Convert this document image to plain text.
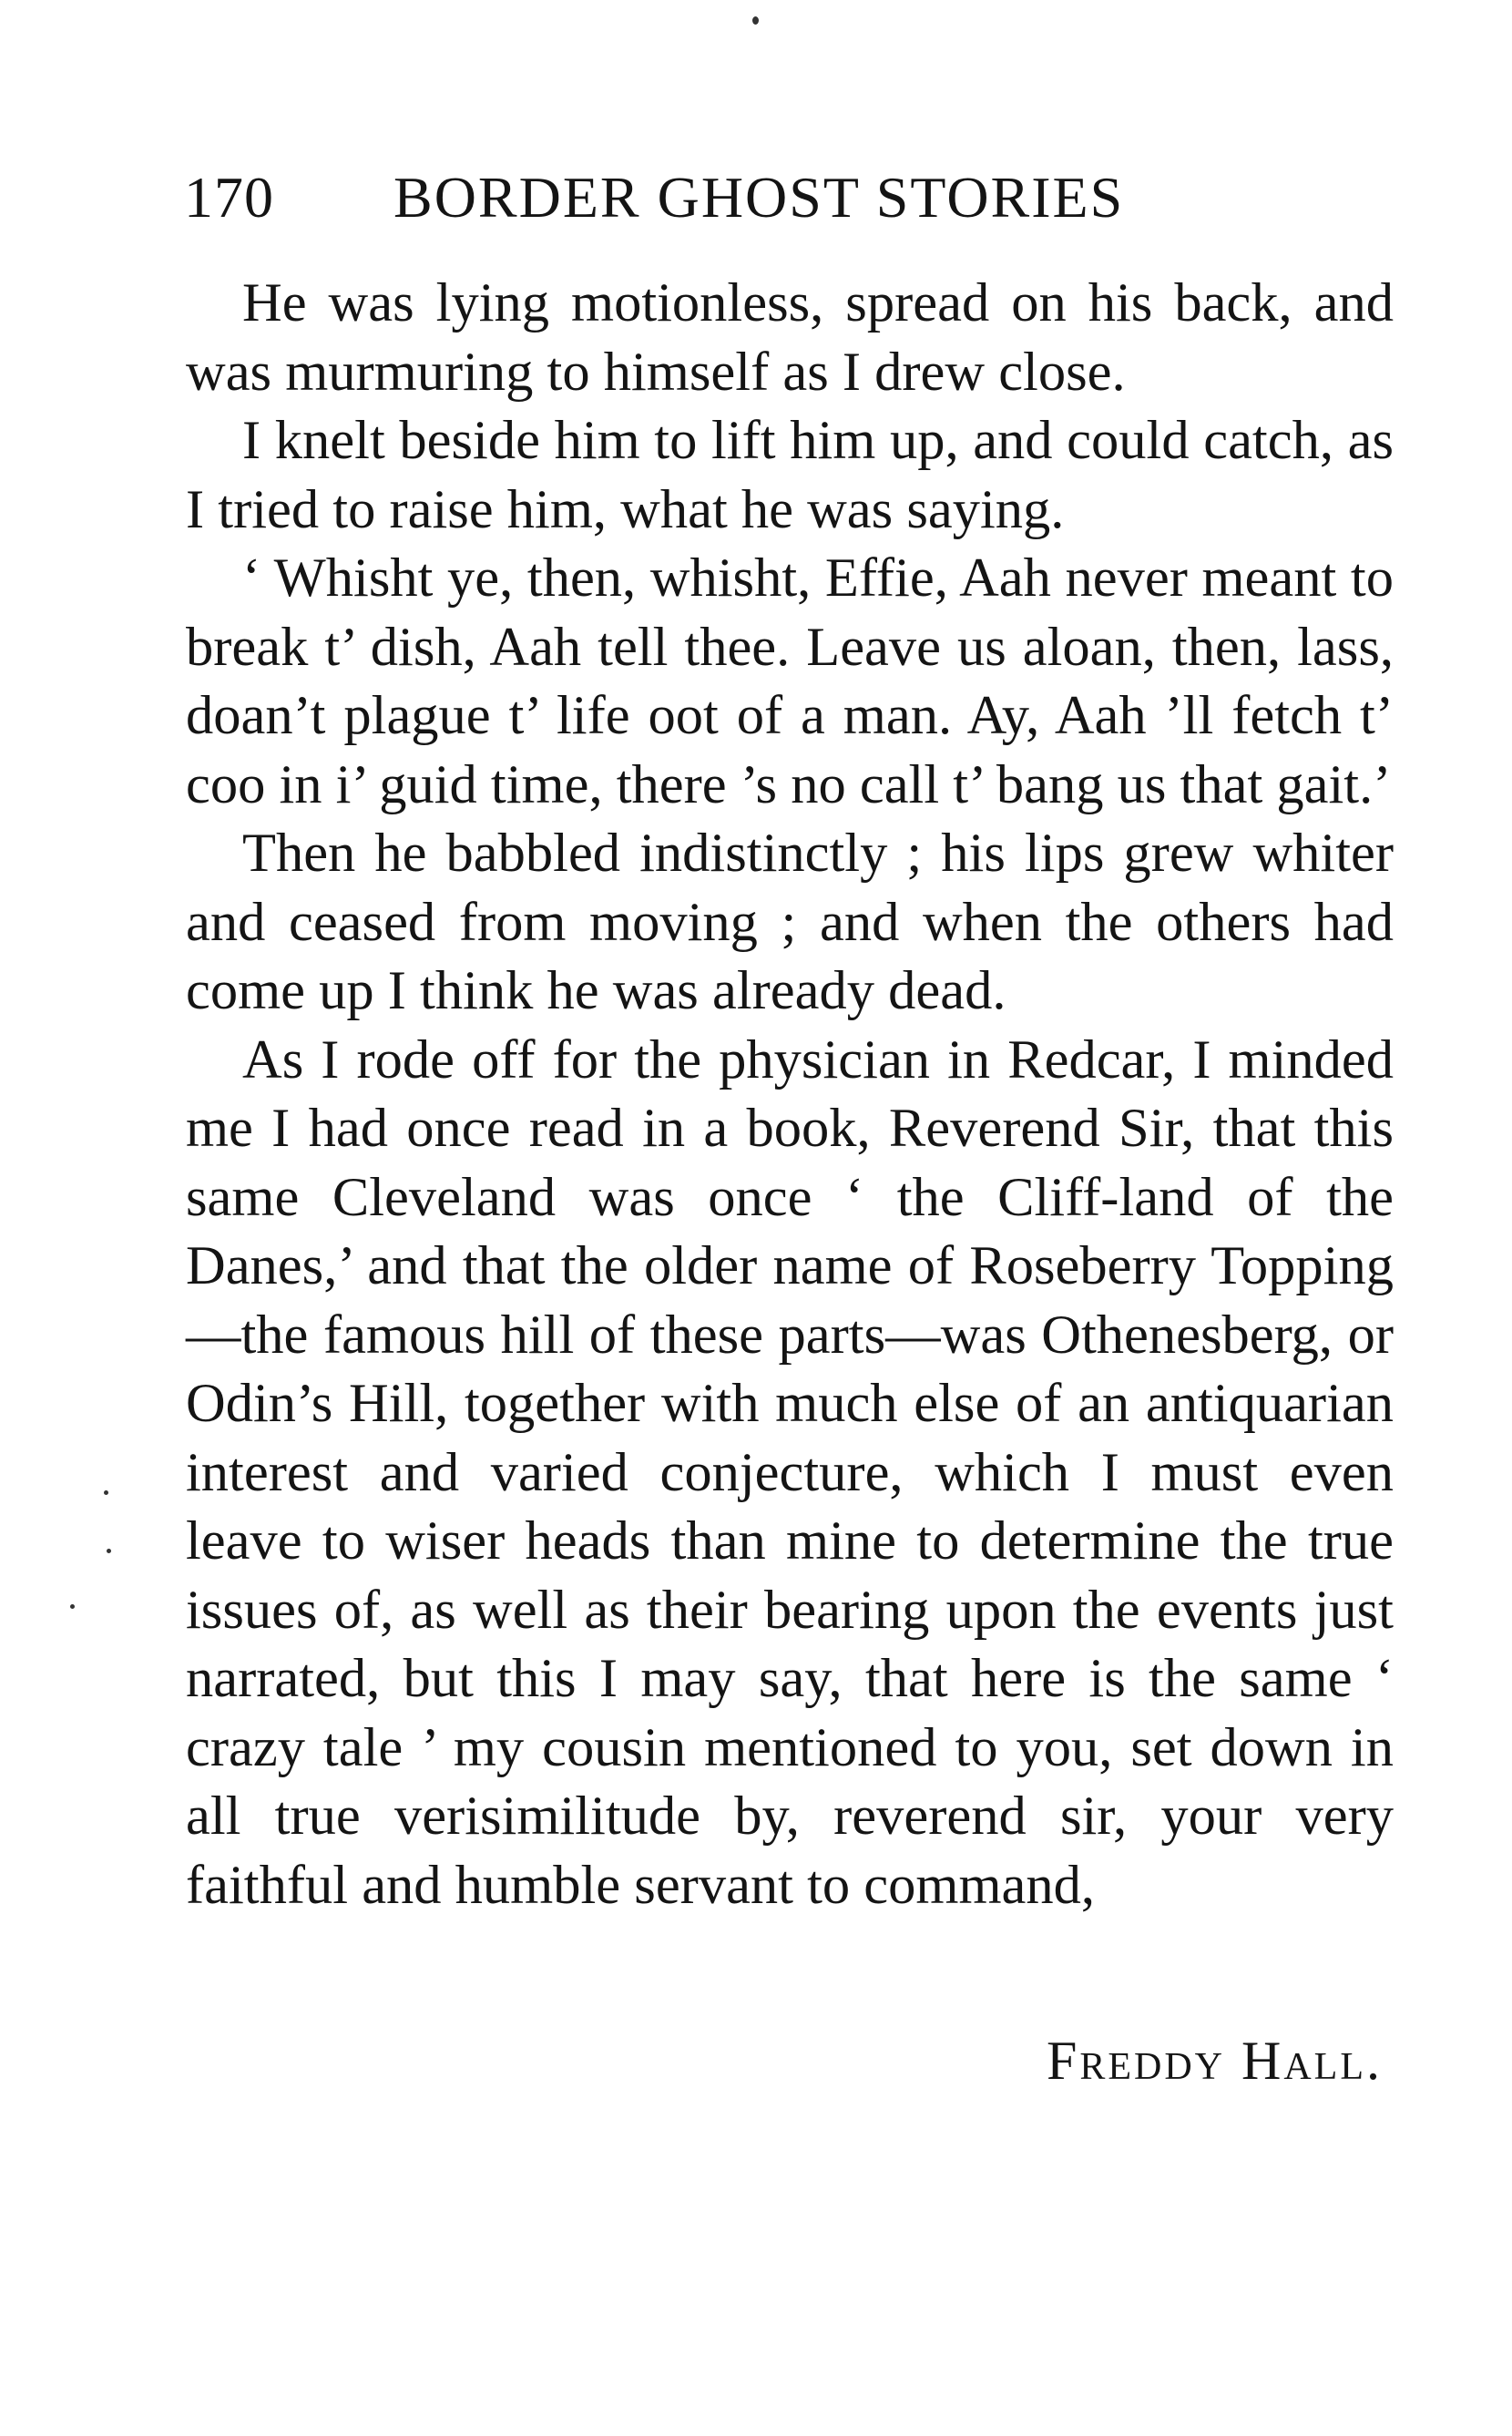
170 BORDER GHOST STORIES

He was lying motionless, spread on his back, and was murmuring to himself as I drew close.

I knelt beside him to lift him up, and could catch, as I tried to raise him, what he was saying.

‘ Whisht ye, then, whisht, Effie, Aah never meant to break t’ dish, Aah tell thee. Leave us aloan, then, lass, doan’t plague t’ life oot of a man. Ay, Aah ’ll fetch t’ coo in i’ guid time, there ’s no call t’ bang us that gait.’

Then he babbled indistinctly ; his lips grew whiter and ceased from moving ; and when the others had come up I think he was already dead.

As I rode off for the physician in Redcar, I minded me I had once read in a book, Reverend Sir, that this same Cleveland was once ‘ the Cliff-land of the Danes,’ and that the older name of Roseberry Topping—the famous hill of these parts—was Othenesberg, or Odin’s Hill, together with much else of an antiquarian interest and varied conjecture, which I must even leave to wiser heads than mine to determine the true issues of, as well as their bearing upon the events just narrated, but this I may say, that here is the same ‘ crazy tale ’ my cousin mentioned to you, set down in all true verisimilitude by, reverend sir, your very faithful and humble servant to command,

Freddy Hall.
